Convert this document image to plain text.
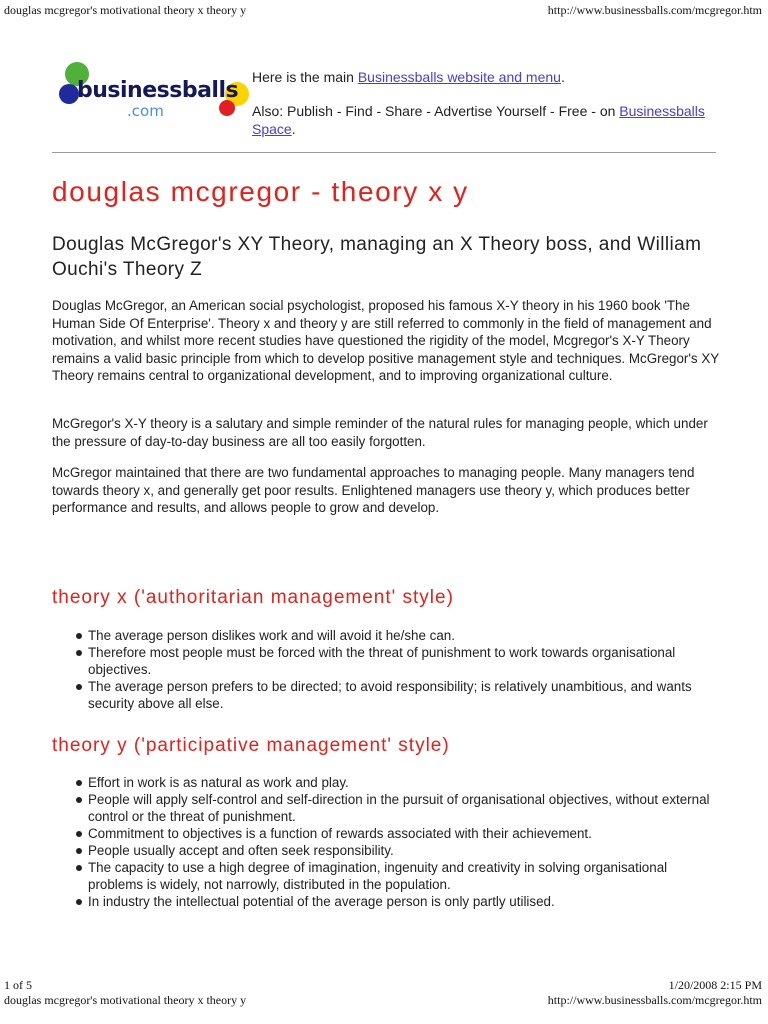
douglas mcgregor's motivational theory x theory y	http://www.businessballs.com/mcgregor.htm
businessballs
.com

Here is the main Businessballs website and menu.

Also: Publish - Find - Share - Advertise Yourself - Free - on Businessballs Space.

douglas mcgregor - theory x y
Douglas McGregor's XY Theory, managing an X Theory boss, and William Ouchi's Theory Z

Douglas McGregor, an American social psychologist, proposed his famous X-Y theory in his 1960 book 'The Human Side Of Enterprise'. Theory x and theory y are still referred to commonly in the field of management and motivation, and whilst more recent studies have questioned the rigidity of the model, Mcgregor's X-Y Theory remains a valid basic principle from which to develop positive management style and techniques. McGregor's XY Theory remains central to organizational development, and to improving organizational culture.

McGregor's X-Y theory is a salutary and simple reminder of the natural rules for managing people, which under the pressure of day-to-day business are all too easily forgotten.

McGregor maintained that there are two fundamental approaches to managing people. Many managers tend towards theory x, and generally get poor results. Enlightened managers use theory y, which produces better performance and results, and allows people to grow and develop.

theory x ('authoritarian management' style)
The average person dislikes work and will avoid it he/she can.
Therefore most people must be forced with the threat of punishment to work towards organisational objectives.
The average person prefers to be directed; to avoid responsibility; is relatively unambitious, and wants security above all else.
theory y ('participative management' style)
Effort in work is as natural as work and play.
People will apply self-control and self-direction in the pursuit of organisational objectives, without external control or the threat of punishment.
Commitment to objectives is a function of rewards associated with their achievement.
People usually accept and often seek responsibility.
The capacity to use a high degree of imagination, ingenuity and creativity in solving organisational problems is widely, not narrowly, distributed in the population.
In industry the intellectual potential of the average person is only partly utilised.
1 of 5	1/20/2008 2:15 PM
douglas mcgregor's motivational theory x theory y	http://www.businessballs.com/mcgregor.htm
